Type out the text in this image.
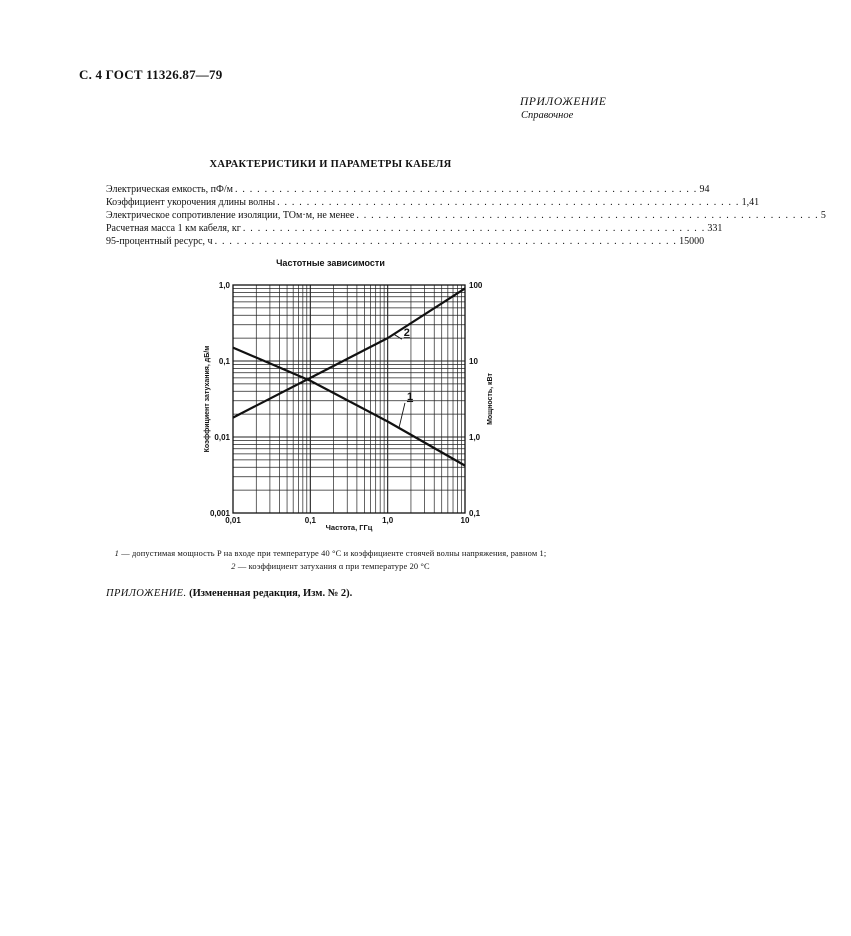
С. 4 ГОСТ 11326.87—79
ПРИЛОЖЕНИЕ
Справочное
ХАРАКТЕРИСТИКИ И ПАРАМЕТРЫ КАБЕЛЯ
Электрическая емкость, пФ/м . . . . . . . . . . . . . . . . . . . . . . . . . . . . . . . . . . . . . . . . . . . . . . . . . . . . . . . . . . . . . . . 94
Коэффициент укорочения длины волны . . . . . . . . . . . . . . . . . . . . . . . . . . . . . . . . . . . . . . . . . . . . . . . . . . . . . . . . . . . . . . . 1,41
Электрическое сопротивление изоляции, ТОм·м, не менее . . . . . . . . . . . . . . . . . . . . . . . . . . . . . . . . . . . . . . . . . . . . . . . . . . . . . . . . . . . . . . . 5
Расчетная масса 1 км кабеля, кг . . . . . . . . . . . . . . . . . . . . . . . . . . . . . . . . . . . . . . . . . . . . . . . . . . . . . . . . . . . . . . . 331
95-процентный ресурс, ч . . . . . . . . . . . . . . . . . . . . . . . . . . . . . . . . . . . . . . . . . . . . . . . . . . . . . . . . . . . . . . . 15000
Частотные зависимости
1
2
0,01	0,1	1,0	10
0,001
0,01
0,1
1,0
0,1
1,0
10
100
Коэффициент затухания, дБ/м	Мощность, кВт
Частота, ГГц
1 — допустимая мощность P на входе при температуре 40 °С и коэффициенте стоячей волны напряжения, равном 1;
2 — коэффициент затухания α при температуре 20 °С
ПРИЛОЖЕНИЕ. (Измененная редакция, Изм. № 2).
